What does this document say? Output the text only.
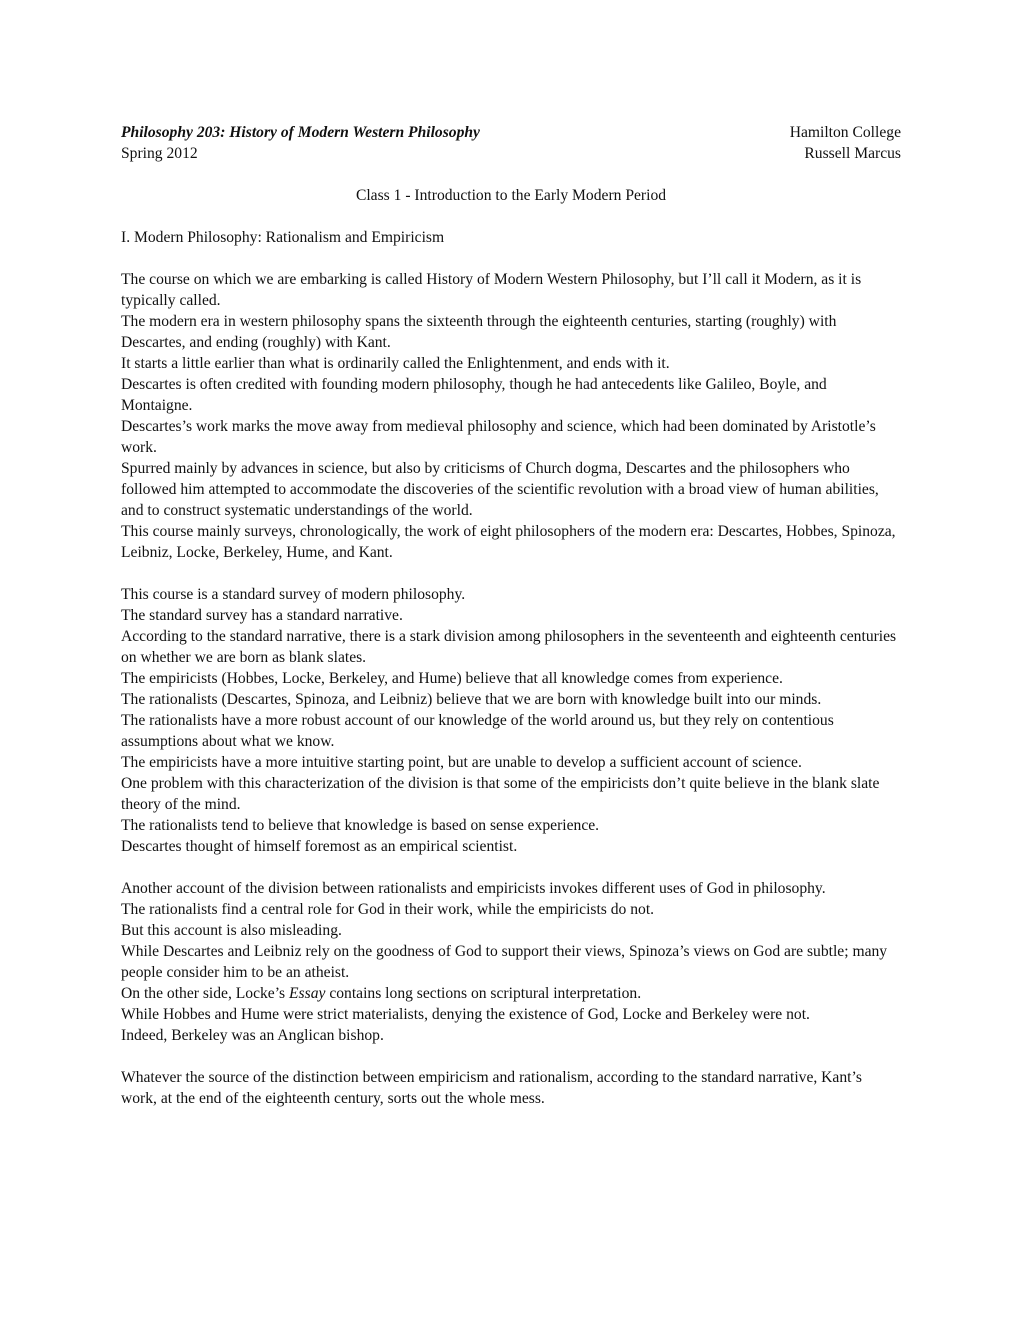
Philosophy 203: History of Modern Western Philosophy	Hamilton College
Spring 2012	Russell Marcus
Class 1 - Introduction to the Early Modern Period
I. Modern Philosophy: Rationalism and Empiricism
The course on which we are embarking is called History of Modern Western Philosophy, but I’ll call it Modern, as it is typically called.
The modern era in western philosophy spans the sixteenth through the eighteenth centuries, starting (roughly) with Descartes, and ending (roughly) with Kant.
It starts a little earlier than what is ordinarily called the Enlightenment, and ends with it.
Descartes is often credited with founding modern philosophy, though he had antecedents like Galileo, Boyle, and Montaigne.
Descartes’s work marks the move away from medieval philosophy and science, which had been dominated by Aristotle’s work.
Spurred mainly by advances in science, but also by criticisms of Church dogma, Descartes and the philosophers who followed him attempted to accommodate the discoveries of the scientific revolution with a broad view of human abilities, and to construct systematic understandings of the world.
This course mainly surveys, chronologically, the work of eight philosophers of the modern era: Descartes, Hobbes, Spinoza, Leibniz, Locke, Berkeley, Hume, and Kant.
This course is a standard survey of modern philosophy.
The standard survey has a standard narrative.
According to the standard narrative, there is a stark division among philosophers in the seventeenth and eighteenth centuries on whether we are born as blank slates.
The empiricists (Hobbes, Locke, Berkeley, and Hume) believe that all knowledge comes from experience.
The rationalists (Descartes, Spinoza, and Leibniz) believe that we are born with knowledge built into our minds.
The rationalists have a more robust account of our knowledge of the world around us, but they rely on contentious assumptions about what we know.
The empiricists have a more intuitive starting point, but are unable to develop a sufficient account of science.
One problem with this characterization of the division is that some of the empiricists don’t quite believe in the blank slate theory of the mind.
The rationalists tend to believe that knowledge is based on sense experience.
Descartes thought of himself foremost as an empirical scientist.
Another account of the division between rationalists and empiricists invokes different uses of God in philosophy.
The rationalists find a central role for God in their work, while the empiricists do not.
But this account is also misleading.
While Descartes and Leibniz rely on the goodness of God to support their views, Spinoza’s views on God are subtle; many people consider him to be an atheist.
On the other side, Locke’s Essay contains long sections on scriptural interpretation.
While Hobbes and Hume were strict materialists, denying the existence of God, Locke and Berkeley were not.
Indeed, Berkeley was an Anglican bishop.
Whatever the source of the distinction between empiricism and rationalism, according to the standard narrative, Kant’s work, at the end of the eighteenth century, sorts out the whole mess.
